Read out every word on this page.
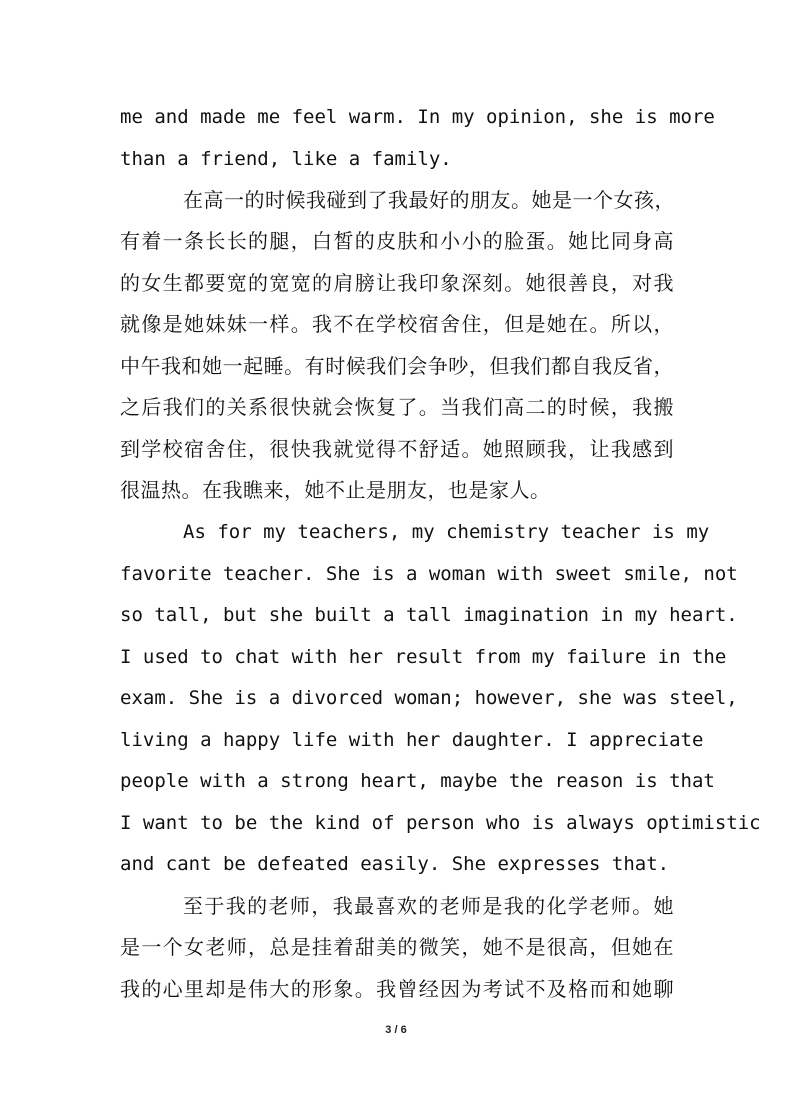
me and made me feel warm. In my opinion, she is more
than a friend, like a family.
在高一的时候我碰到了我最好的朋友。她是一个女孩，
有着一条长长的腿，白皙的皮肤和小小的脸蛋。她比同身高
的女生都要宽的宽宽的肩膀让我印象深刻。她很善良，对我
就像是她妹妹一样。我不在学校宿舍住，但是她在。所以，
中午我和她一起睡。有时候我们会争吵，但我们都自我反省，
之后我们的关系很快就会恢复了。当我们高二的时候，我搬
到学校宿舍住，很快我就觉得不舒适。她照顾我，让我感到
很温热。在我瞧来，她不止是朋友，也是家人。
As for my teachers, my chemistry teacher is my
favorite teacher. She is a woman with sweet smile, not
so tall, but she built a tall imagination in my heart.
I used to chat with her result from my failure in the
exam. She is a divorced woman; however, she was steel,
living a happy life with her daughter. I appreciate
people with a strong heart, maybe the reason is that
I want to be the kind of person who is always optimistic
and cant be defeated easily. She expresses that.
至于我的老师，我最喜欢的老师是我的化学老师。她
是一个女老师，总是挂着甜美的微笑，她不是很高，但她在
我的心里却是伟大的形象。我曾经因为考试不及格而和她聊
3 / 6
